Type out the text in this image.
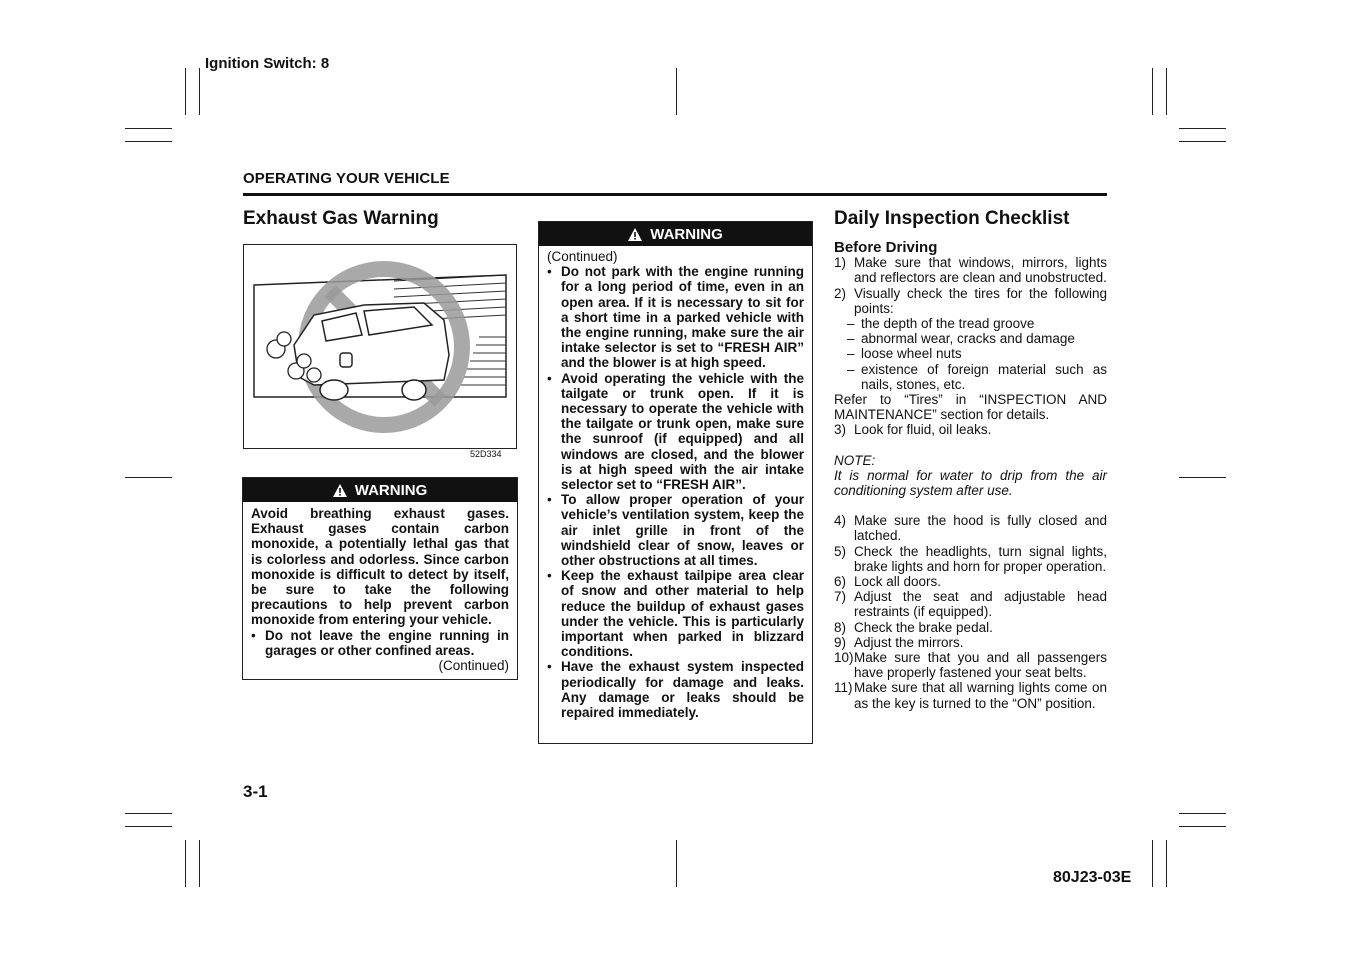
Ignition Switch: 8
OPERATING YOUR VEHICLE
Exhaust Gas Warning
52D334
WARNING
Avoid breathing exhaust gases. Exhaust gases contain carbon monoxide, a potentially lethal gas that is colorless and odorless. Since carbon monoxide is difficult to detect by itself, be sure to take the following precautions to help prevent carbon monoxide from entering your vehicle.
• Do not leave the engine running in garages or other confined areas.
(Continued)
WARNING
(Continued)
• Do not park with the engine running for a long period of time, even in an open area. If it is necessary to sit for a short time in a parked vehicle with the engine running, make sure the air intake selector is set to “FRESH AIR” and the blower is at high speed.
• Avoid operating the vehicle with the tailgate or trunk open. If it is necessary to operate the vehicle with the tailgate or trunk open, make sure the sunroof (if equipped) and all windows are closed, and the blower is at high speed with the air intake selector set to “FRESH AIR”.
• To allow proper operation of your vehicle’s ventilation system, keep the air inlet grille in front of the windshield clear of snow, leaves or other obstructions at all times.
• Keep the exhaust tailpipe area clear of snow and other material to help reduce the buildup of exhaust gases under the vehicle. This is particularly important when parked in blizzard conditions.
• Have the exhaust system inspected periodically for damage and leaks. Any damage or leaks should be repaired immediately.
Daily Inspection Checklist
Before Driving
1) Make sure that windows, mirrors, lights and reflectors are clean and unobstructed.
2) Visually check the tires for the following points:
– the depth of the tread groove
– abnormal wear, cracks and damage
– loose wheel nuts
– existence of foreign material such as nails, stones, etc.
Refer to “Tires” in “INSPECTION AND MAINTENANCE” section for details.
3) Look for fluid, oil leaks.
NOTE:
It is normal for water to drip from the air conditioning system after use.
4) Make sure the hood is fully closed and latched.
5) Check the headlights, turn signal lights, brake lights and horn for proper operation.
6) Lock all doors.
7) Adjust the seat and adjustable head restraints (if equipped).
8) Check the brake pedal.
9) Adjust the mirrors.
10) Make sure that you and all passengers have properly fastened your seat belts.
11) Make sure that all warning lights come on as the key is turned to the “ON” position.
3-1
80J23-03E
